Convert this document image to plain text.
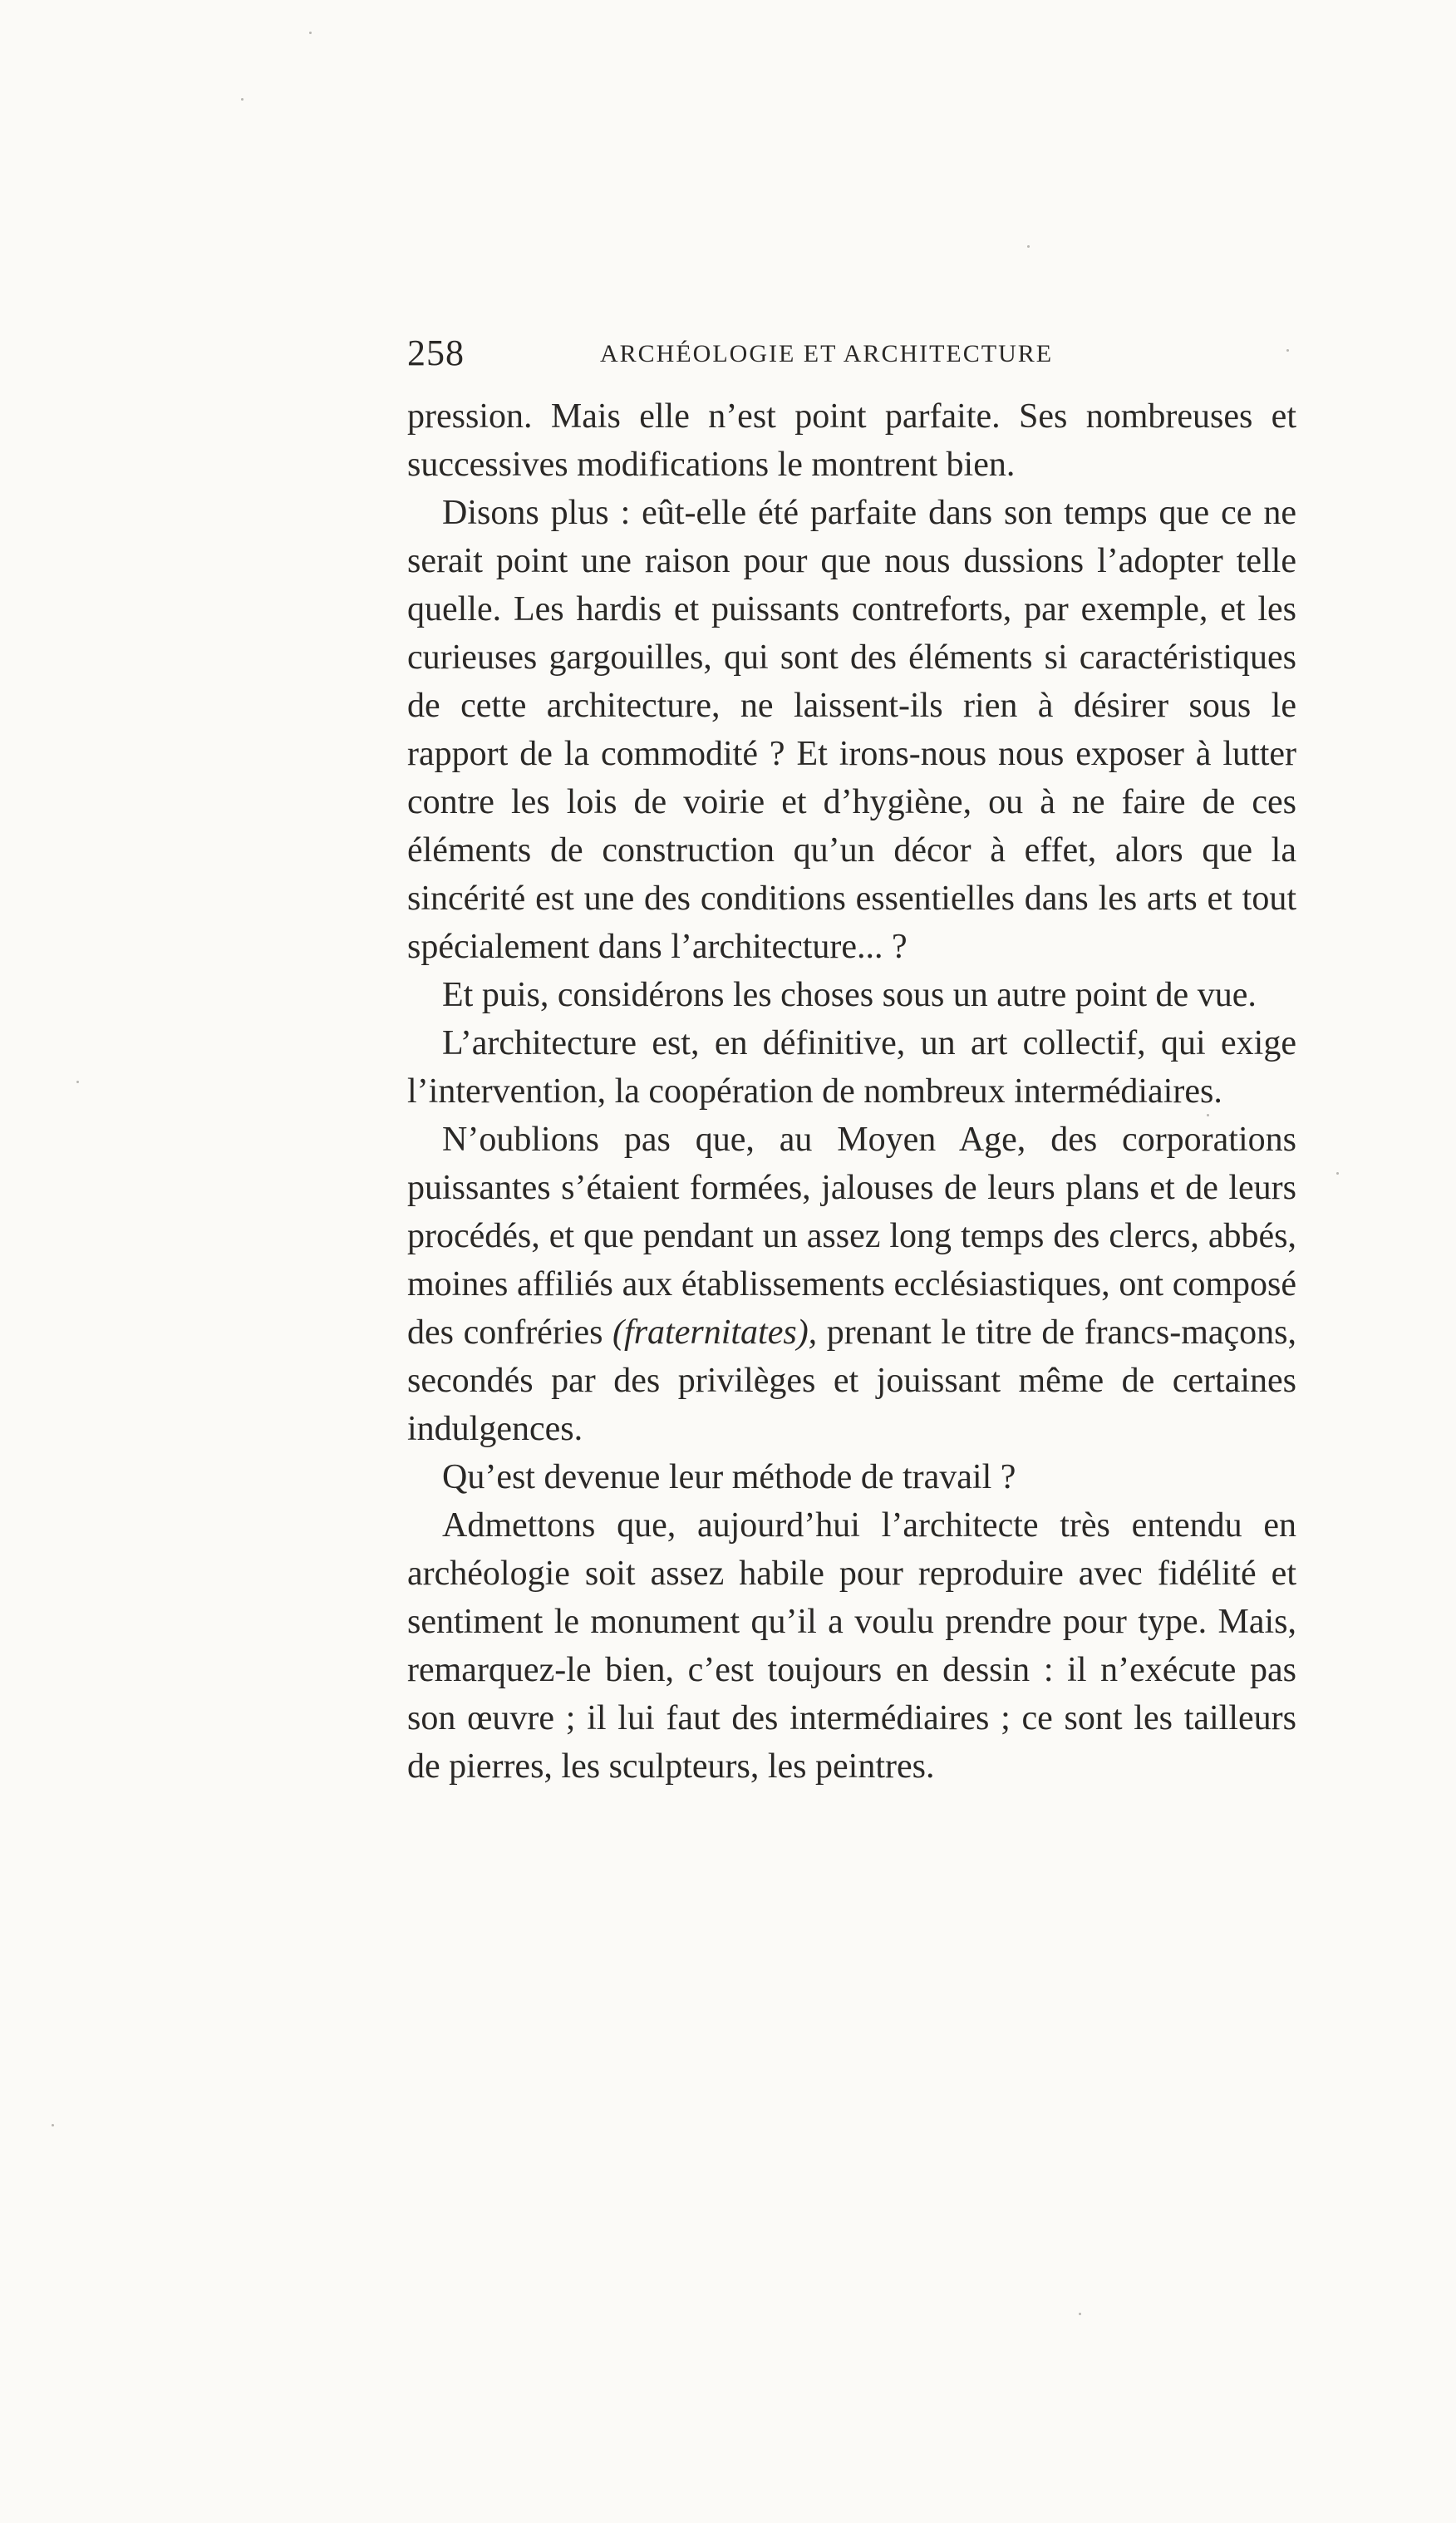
258	ARCHÉOLOGIE ET ARCHITECTURE

pression. Mais elle n’est point parfaite. Ses nombreuses et successives modifications le montrent bien.

Disons plus : eût-elle été parfaite dans son temps que ce ne serait point une raison pour que nous dussions l’adopter telle quelle. Les hardis et puissants contreforts, par exemple, et les curieuses gargouilles, qui sont des éléments si caractéristiques de cette architecture, ne laissent-ils rien à désirer sous le rapport de la commodité ? Et irons-nous nous exposer à lutter contre les lois de voirie et d’hygiène, ou à ne faire de ces éléments de construction qu’un décor à effet, alors que la sincérité est une des conditions essentielles dans les arts et tout spécialement dans l’architecture... ?

Et puis, considérons les choses sous un autre point de vue.

L’architecture est, en définitive, un art collectif, qui exige l’intervention, la coopération de nombreux intermédiaires.

N’oublions pas que, au Moyen Age, des corporations puissantes s’étaient formées, jalouses de leurs plans et de leurs procédés, et que pendant un assez long temps des clercs, abbés, moines affiliés aux établissements ecclésiastiques, ont composé des confréries (fraternitates), prenant le titre de francs-maçons, secondés par des privilèges et jouissant même de certaines indulgences.

Qu’est devenue leur méthode de travail ?

Admettons que, aujourd’hui l’architecte très entendu en archéologie soit assez habile pour reproduire avec fidélité et sentiment le monument qu’il a voulu prendre pour type. Mais, remarquez-le bien, c’est toujours en dessin : il n’exécute pas son œuvre ; il lui faut des intermédiaires ; ce sont les tailleurs de pierres, les sculpteurs, les peintres.
